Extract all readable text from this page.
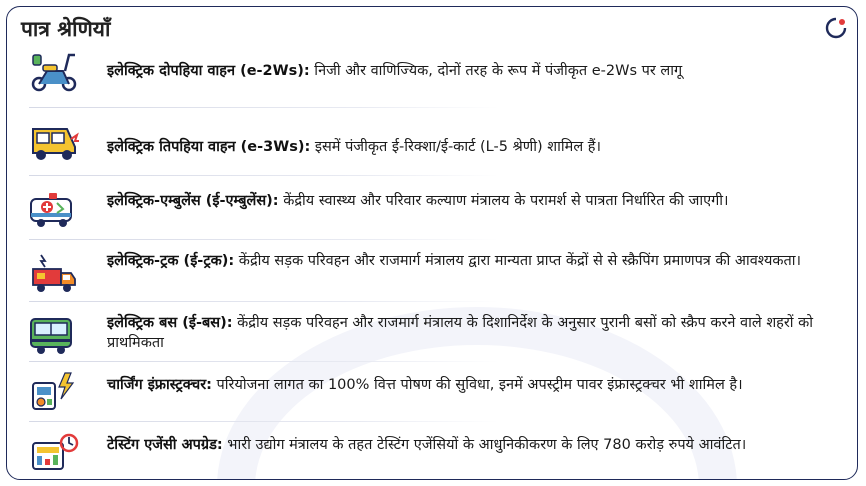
पात्र श्रेणियाँ
इलेक्ट्रिक दोपहिया वाहन (e-2Ws): निजी और वाणिज्यिक, दोनों तरह के रूप में पंजीकृत e-2Ws पर लागू
इलेक्ट्रिक तिपहिया वाहन (e-3Ws): इसमें पंजीकृत ई-रिक्शा/ई-कार्ट (L-5 श्रेणी) शामिल हैं।
इलेक्ट्रिक-एम्बुलेंस (ई-एम्बुलेंस): केंद्रीय स्वास्थ्य और परिवार कल्याण मंत्रालय के परामर्श से पात्रता निर्धारित की जाएगी।
इलेक्ट्रिक-ट्रक (ई-ट्रक): केंद्रीय सड़क परिवहन और राजमार्ग मंत्रालय द्वारा मान्यता प्राप्त केंद्रों से से स्क्रैपिंग प्रमाणपत्र की आवश्यकता।
इलेक्ट्रिक बस (ई-बस): केंद्रीय सड़क परिवहन और राजमार्ग मंत्रालय के दिशानिर्देश के अनुसार पुरानी बसों को स्क्रैप करने वाले शहरों को प्राथमिकता
चार्जिंग इंफ्रास्ट्रक्चर: परियोजना लागत का 100% वित्त पोषण की सुविधा, इनमें अपस्ट्रीम पावर इंफ्रास्ट्रक्चर भी शामिल है।
टेस्टिंग एजेंसी अपग्रेड: भारी उद्योग मंत्रालय के तहत टेस्टिंग एजेंसियों के आधुनिकीकरण के लिए 780 करोड़ रुपये आवंटित।
